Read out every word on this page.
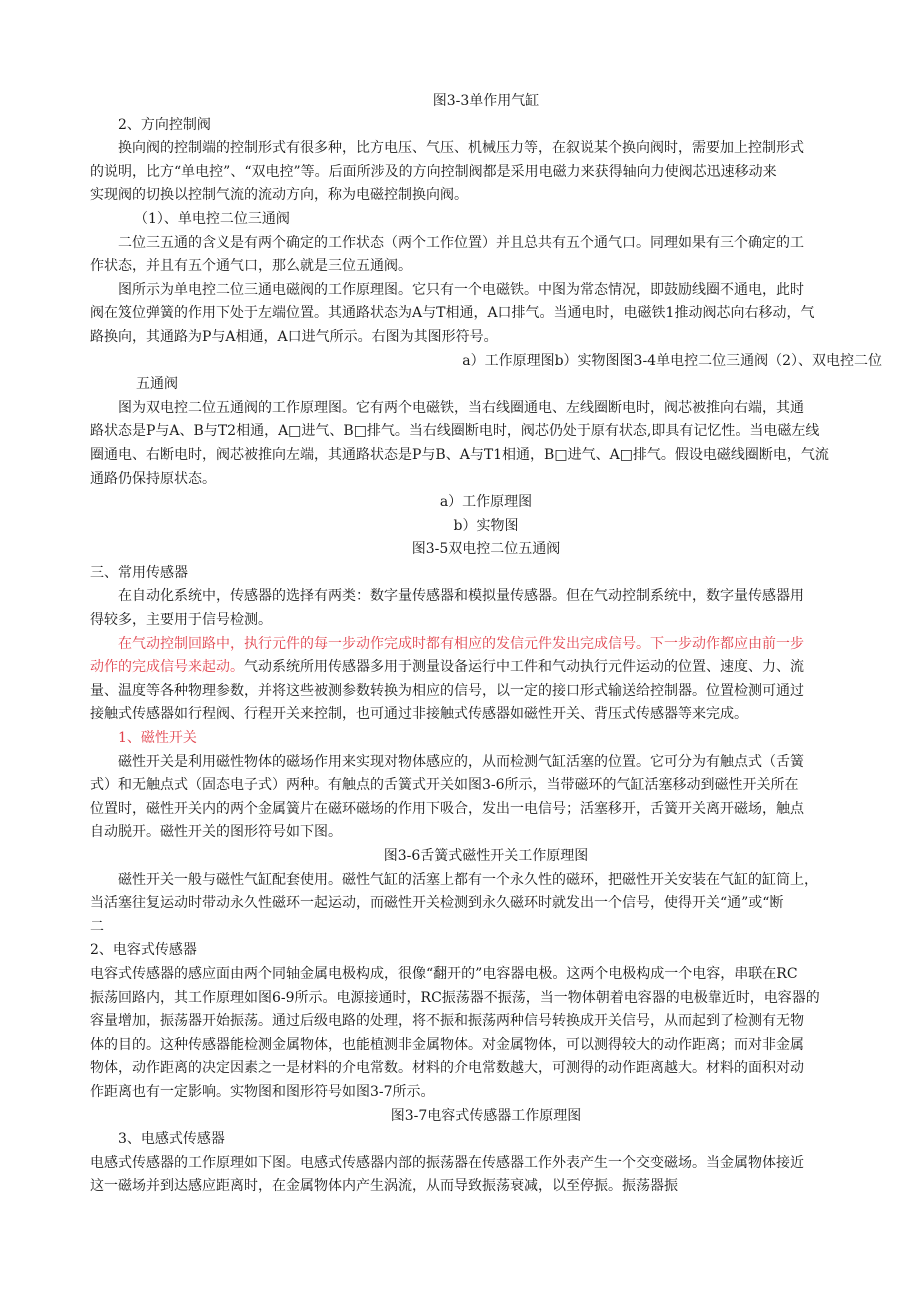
图3-3单作用气缸

2、方向控制阀

换向阀的控制端的控制形式有很多种，比方电压、气压、机械压力等，在叙说某个换向阀时，需要加上控制形式

的说明，比方“单电控”、“双电控”等。后面所涉及的方向控制阀都是采用电磁力来获得轴向力使阀芯迅速移动来

实现阀的切换以控制气流的流动方向，称为电磁控制换向阀。

（1）、单电控二位三通阀

二位三五通的含义是有两个确定的工作状态（两个工作位置）并且总共有五个通气口。同理如果有三个确定的工

作状态，并且有五个通气口，那么就是三位五通阀。

图所示为单电控二位三通电磁阀的工作原理图。它只有一个电磁铁。中图为常态情况，即鼓励线圈不通电，此时

阀在笈位弹簧的作用下处于左端位置。其通路状态为A与T相通，A口排气。当通电时，电磁铁1推动阀芯向右移动，气

路换向，其通路为P与A相通，A口进气所示。右图为其图形符号。

a）工作原理图b）实物图图3-4单电控二位三通阀（2）、双电控二位

五通阀

图为双电控二位五通阀的工作原理图。它有两个电磁铁，当右线圈通电、左线圈断电时，阀芯被推向右端，其通

路状态是P与A、B与T2相通，A□进气、B□排气。当右线圈断电时，阀芯仍处于原有状态,即具有记忆性。当电磁左线

圈通电、右断电时，阀芯被推向左端，其通路状态是P与B、A与T1相通，B□进气、A□排气。假设电磁线圈断电，气流

通路仍保持原状态。

a）工作原理图

b）实物图

图3-5双电控二位五通阀

三、常用传感器

在自动化系统中，传感器的选择有两类：数字量传感器和模拟量传感器。但在气动控制系统中，数字量传感器用

得较多，主要用于信号检测。

在气动控制回路中，执行元件的每一步动作完成时都有相应的发信元件发出完成信号。下一步动作都应由前一步

动作的完成信号来起动。气动系统所用传感器多用于测量设备运行中工件和气动执行元件运动的位置、速度、力、流

量、温度等各种物理参数，并将这些被测参数转换为相应的信号，以一定的接口形式输送给控制器。位置检测可通过

接触式传感器如行程阀、行程开关来控制，也可通过非接触式传感器如磁性开关、背压式传感器等来完成。

1、磁性开关

磁性开关是利用磁性物体的磁场作用来实现对物体感应的，从而检测气缸活塞的位置。它可分为有触点式（舌簧

式）和无触点式（固态电子式）两种。有触点的舌簧式开关如图3-6所示，当带磁环的气缸活塞移动到磁性开关所在

位置时，磁性开关内的两个金属簧片在磁环磁场的作用下吸合，发出一电信号；活塞移开，舌簧开关离开磁场，触点

自动脱开。磁性开关的图形符号如下图。

图3-6舌簧式磁性开关工作原理图

磁性开关一般与磁性气缸配套使用。磁性气缸的活塞上都有一个永久性的磁环，把磁性开关安装在气缸的缸筒上，

当活塞往复运动时带动永久性磁环一起运动，而磁性开关检测到永久磁环时就发出一个信号，使得开关“通”或“断

二

2、电容式传感器

电容式传感器的感应面由两个同轴金属电极构成，很像“翻开的”电容器电极。这两个电极构成一个电容，串联在RC

振荡回路内，其工作原理如图6-9所示。电源接通时，RC振荡器不振荡，当一物体朝着电容器的电极靠近时，电容器的

容量增加，振荡器开始振荡。通过后级电路的处理，将不振和振荡两种信号转换成开关信号，从而起到了检测有无物

体的目的。这种传感器能检测金属物体，也能植测非金属物体。对金属物体，可以测得较大的动作距离；而对非金属

物体，动作距离的决定因素之一是材料的介电常数。材料的介电常数越大，可测得的动作距离越大。材料的面积对动

作距离也有一定影响。实物图和图形符号如图3-7所示。

图3-7电容式传感器工作原理图

3、电感式传感器

电感式传感器的工作原理如下图。电感式传感器内部的振荡器在传感器工作外表产生一个交变磁场。当金属物体接近

这一磁场并到达感应距离时，在金属物体内产生涡流，从而导致振荡衰减，以至停振。振荡器振
